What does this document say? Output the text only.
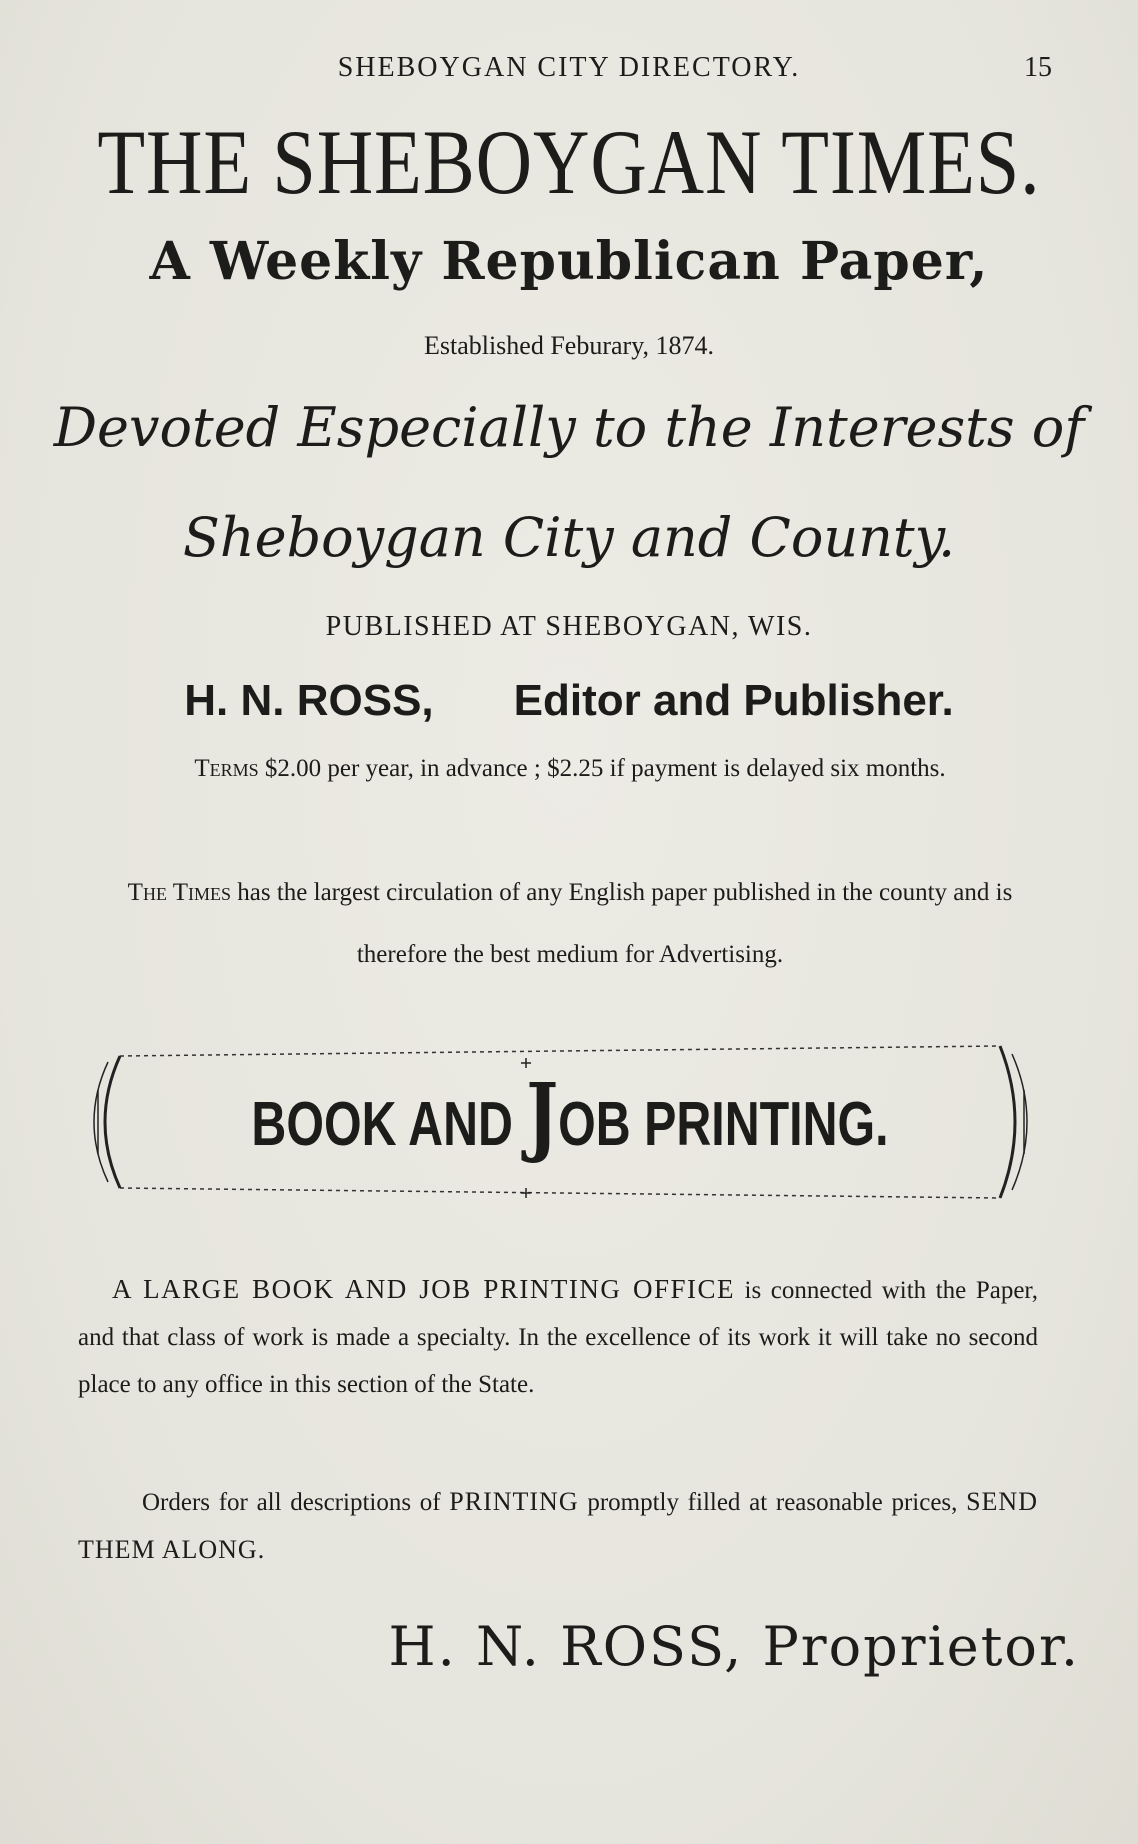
SHEBOYGAN CITY DIRECTORY.	15
THE SHEBOYGAN TIMES.
A Weekly Republican Paper,
Established Feburary, 1874.
Devoted Especially to the Interests of
Sheboygan City and County.
PUBLISHED AT SHEBOYGAN, WIS.
H. N. ROSS, Editor and Publisher.
Terms $2.00 per year, in advance ; $2.25 if payment is delayed six months.
The Times has the largest circulation of any English paper published in the county and is therefore the best medium for Advertising.
BOOK AND JOB PRINTING.
A LARGE BOOK AND JOB PRINTING OFFICE is connected with the Paper, and that class of work is made a specialty. In the excellence of its work it will take no second place to any office in this section of the State.
Orders for all descriptions of PRINTING promptly filled at reasonable prices, SEND THEM ALONG.
H. N. ROSS, Proprietor.
